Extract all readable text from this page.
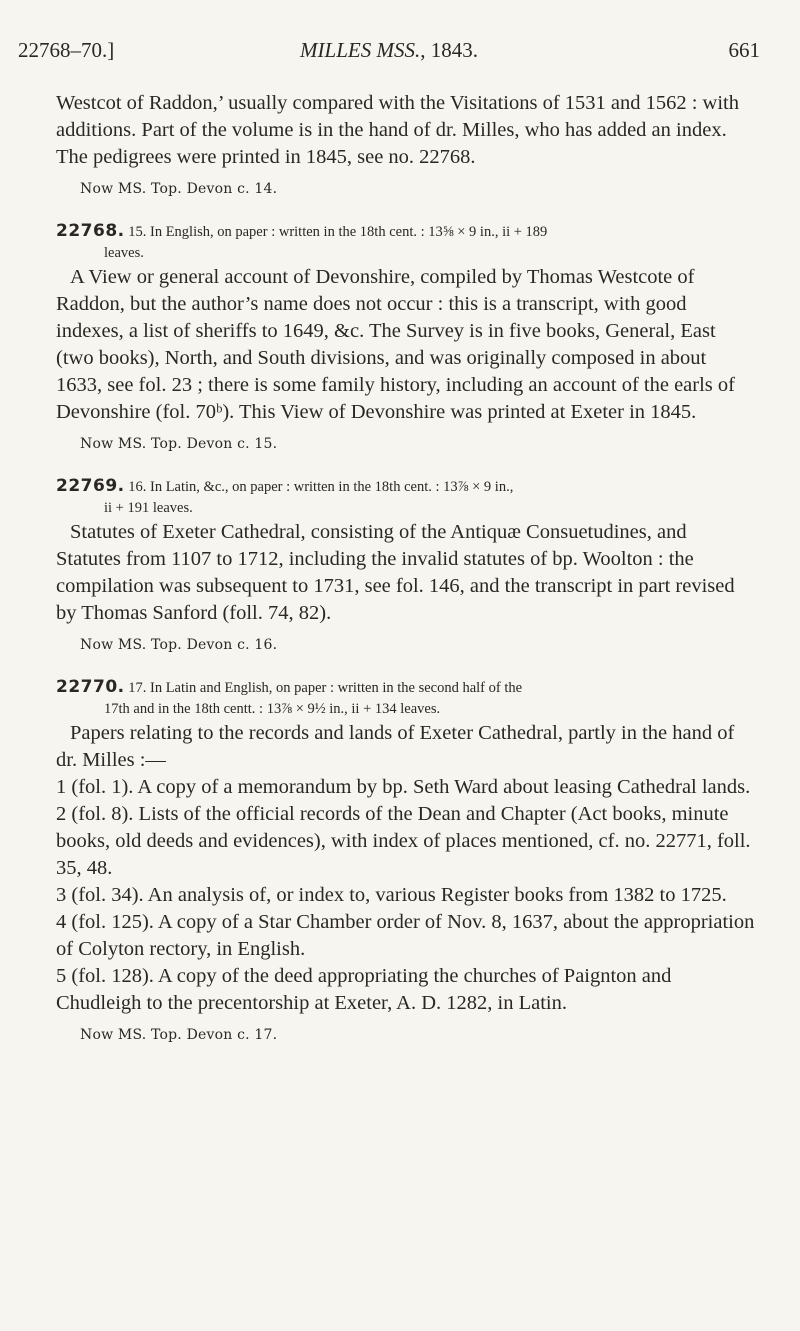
22768–70.]	MILLES MSS., 1843.	661

Westcot of Raddon,’ usually compared with the Visitations of 1531 and 1562 : with additions. Part of the volume is in the hand of dr. Milles, who has added an index. The pedigrees were printed in 1845, see no. 22768.

Now MS. Top. Devon c. 14.
22768. 15. In English, on paper : written in the 18th cent. : 13⅝ × 9 in., ii + 189
leaves.

A View or general account of Devonshire, compiled by Thomas Westcote of Raddon, but the author’s name does not occur : this is a transcript, with good indexes, a list of sheriffs to 1649, &c. The Survey is in five books, General, East (two books), North, and South divisions, and was originally composed in about 1633, see fol. 23 ; there is some family history, including an account of the earls of Devonshire (fol. 70ᵇ). This View of Devonshire was printed at Exeter in 1845.

Now MS. Top. Devon c. 15.
22769. 16. In Latin, &c., on paper : written in the 18th cent. : 13⅞ × 9 in.,
ii + 191 leaves.

Statutes of Exeter Cathedral, consisting of the Antiquæ Consuetudines, and Statutes from 1107 to 1712, including the invalid statutes of bp. Woolton : the compilation was subsequent to 1731, see fol. 146, and the transcript in part revised by Thomas Sanford (foll. 74, 82).

Now MS. Top. Devon c. 16.
22770. 17. In Latin and English, on paper : written in the second half of the
17th and in the 18th centt. : 13⅞ × 9½ in., ii + 134 leaves.

Papers relating to the records and lands of Exeter Cathedral, partly in the hand of dr. Milles :—

1 (fol. 1). A copy of a memorandum by bp. Seth Ward about leasing Cathedral lands.

2 (fol. 8). Lists of the official records of the Dean and Chapter (Act books, minute books, old deeds and evidences), with index of places mentioned, cf. no. 22771, foll. 35, 48.

3 (fol. 34). An analysis of, or index to, various Register books from 1382 to 1725.

4 (fol. 125). A copy of a Star Chamber order of Nov. 8, 1637, about the appropriation of Colyton rectory, in English.

5 (fol. 128). A copy of the deed appropriating the churches of Paignton and Chudleigh to the precentorship at Exeter, A. D. 1282, in Latin.

Now MS. Top. Devon c. 17.
